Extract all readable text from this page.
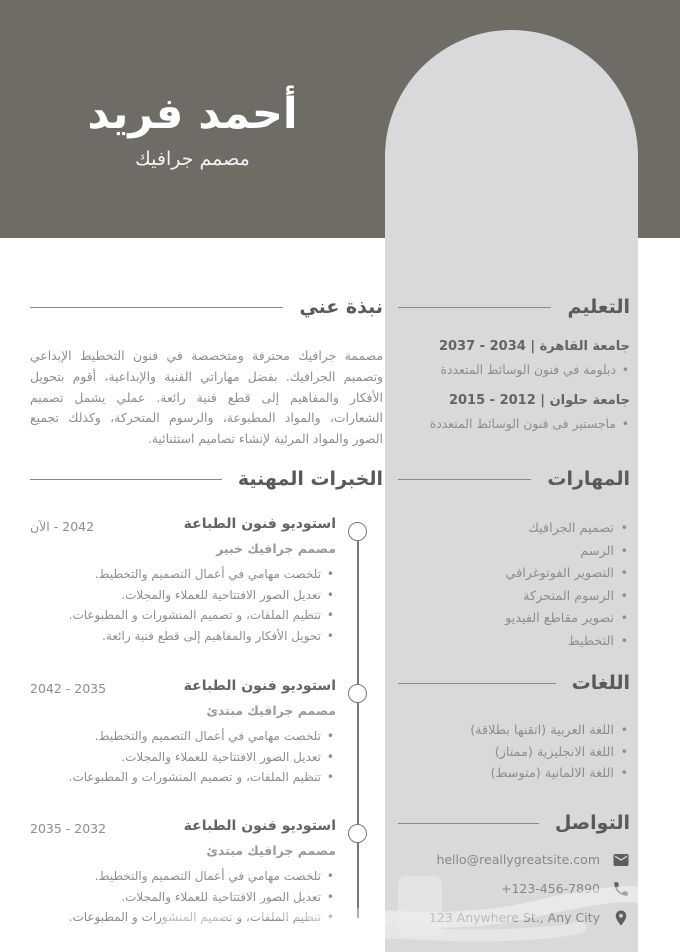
أحمد فريد
مصمم جرافيك
نبذة عني

مصممة جرافيك محترفة ومتخصصة في فنون التخطيط الإبداعي وتصميم الجرافيك. بفضل مهاراتي الفنية والإبداعية، أقوم بتحويل الأفكار والمفاهيم إلى قطع فنية رائعة. عملي يشمل تصميم الشعارات، والمواد المطبوعة، والرسوم المتحركة، وكذلك تجميع الصور والمواد المرئية لإنشاء تصاميم استثنائية.

الخبرات المهنية
استوديو فنون الطباعة
2042 - الآن
مصمم جرافيك خبير
• تلخصت مهامي في أعمال التصميم والتخطيط.
• تعديل الصور الافتتاحية للعملاء والمجلات.
• تنظيم الملفات، و تصميم المنشورات و المطبوعات.
• تحويل الأفكار والمفاهيم إلى قطع فنية رائعة.
استوديو فنون الطباعة
2035 - 2042
مصمم جرافيك مبتدئ
• تلخصت مهامي في أعمال التصميم والتخطيط.
• تعديل الصور الافتتاحية للعملاء والمجلات.
• تنظيم الملفات، و تصميم المنشورات و المطبوعات.
استوديو فنون الطباعة
2032 - 2035
مصمم جرافيك مبتدئ
• تلخصت مهامي في أعمال التصميم والتخطيط.
• تعديل الصور الافتتاحية للعملاء والمجلات.
• تنظيم الملفات، و تصميم المنشورات و المطبوعات.
التعليم
جامعة القاهرة | 2034 - 2037
• دبلومة في فنون الوسائط المتعددة
جامعة حلوان | 2012 - 2015
• ماجستير فى فنون الوسائط المتعددة
المهارات
• تصميم الجرافيك
• الرسم
• التصوير الفوتوغرافي
• الرسوم المتحركة
• تصوير مقاطع الفيديو
• التخطيط
اللغات
• اللغة العربية (اتقنها بطلاقة)
• اللغة الانجليزية (ممتاز)
• اللغة الالمانية (متوسط)
التواصل
hello@reallygreatsite.com
+123-456-7890
123 Anywhere St., Any City
